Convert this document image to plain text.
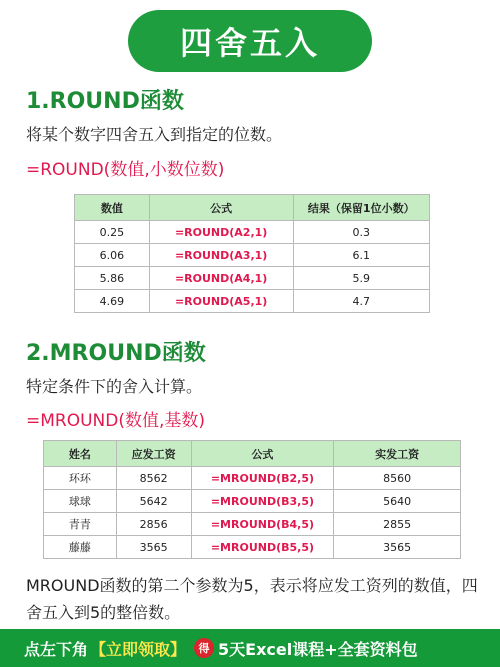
四舍五入
1.ROUND函数
将某个数字四舍五入到指定的位数。
=ROUND(数值,小数位数)
数值	公式	结果（保留1位小数）
0.25	=ROUND(A2,1)	0.3
6.06	=ROUND(A3,1)	6.1
5.86	=ROUND(A4,1)	5.9
4.69	=ROUND(A5,1)	4.7
2.MROUND函数
特定条件下的舍入计算。
=MROUND(数值,基数)
姓名	应发工资	公式	实发工资
环环	8562	=MROUND(B2,5)	8560
球球	5642	=MROUND(B3,5)	5640
青青	2856	=MROUND(B4,5)	2855
藤藤	3565	=MROUND(B5,5)	3565
MROUND函数的第二个参数为5，表示将应发工资列的数值，四舍五入到5的整倍数。
点左下角 【立即领取】	得 5天Excel课程+全套资料包
